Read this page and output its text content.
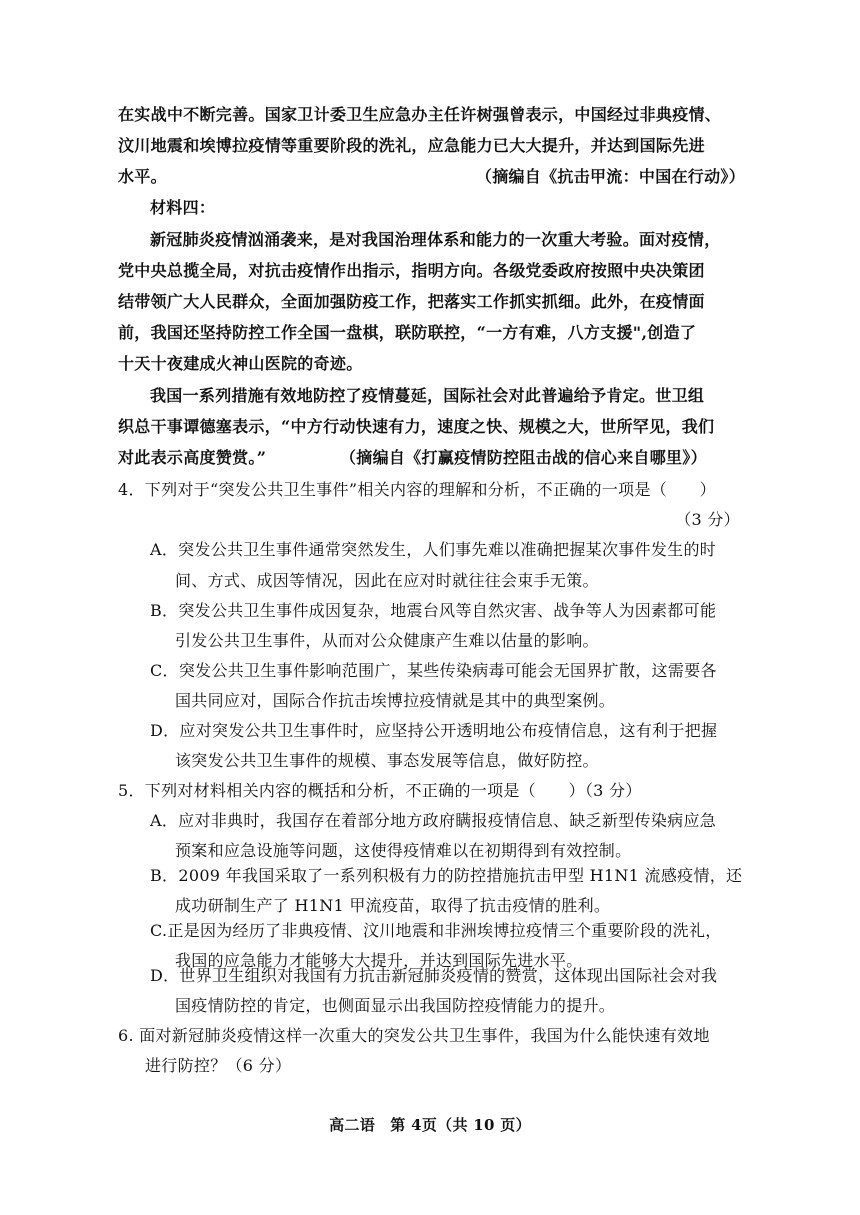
在实战中不断完善。国家卫计委卫生应急办主任许树强曾表示，中国经过非典疫情、
汶川地震和埃博拉疫情等重要阶段的洗礼，应急能力已大大提升，并达到国际先进
水平。	（摘编自《抗击甲流：中国在行动》）
材料四：
新冠肺炎疫情汹涌袭来，是对我国治理体系和能力的一次重大考验。面对疫情，
党中央总揽全局，对抗击疫情作出指示，指明方向。各级党委政府按照中央决策团
结带领广大人民群众，全面加强防疫工作，把落实工作抓实抓细。此外，在疫情面
前，我国还坚持防控工作全国一盘棋，联防联控，“一方有难，八方支援",创造了
十天十夜建成火神山医院的奇迹。
我国一系列措施有效地防控了疫情蔓延，国际社会对此普遍给予肯定。世卫组
织总干事谭德塞表示，“中方行动快速有力，速度之快、规模之大，世所罕见，我们
对此表示高度赞赏。”	（摘编自《打赢疫情防控阻击战的信心来自哪里》）
4．下列对于“突发公共卫生事件”相关内容的理解和分析，不正确的一项是（　　）
（3 分）
A．突发公共卫生事件通常突然发生，人们事先难以准确把握某次事件发生的时
间、方式、成因等情况，因此在应对时就往往会束手无策。
B．突发公共卫生事件成因复杂，地震台风等自然灾害、战争等人为因素都可能
引发公共卫生事件，从而对公众健康产生难以估量的影响。
C．突发公共卫生事件影响范围广，某些传染病毒可能会无国界扩散，这需要各
国共同应对，国际合作抗击埃博拉疫情就是其中的典型案例。
D．应对突发公共卫生事件时，应坚持公开透明地公布疫情信息，这有利于把握
该突发公共卫生事件的规模、事态发展等信息，做好防控。
5．下列对材料相关内容的概括和分析，不正确的一项是（　　）（3 分）
A．应对非典时，我国存在着部分地方政府瞒报疫情信息、缺乏新型传染病应急
预案和应急设施等问题，这使得疫情难以在初期得到有效控制。
B．2009 年我国采取了一系列积极有力的防控措施抗击甲型 H1N1 流感疫情，还
成功研制生产了 H1N1 甲流疫苗，取得了抗击疫情的胜利。
C.正是因为经历了非典疫情、汶川地震和非洲埃博拉疫情三个重要阶段的洗礼，
我国的应急能力才能够大大提升，并达到国际先进水平。
D．世界卫生组织对我国有力抗击新冠肺炎疫情的赞赏，这体现出国际社会对我
国疫情防控的肯定，也侧面显示出我国防控疫情能力的提升。
6. 面对新冠肺炎疫情这样一次重大的突发公共卫生事件，我国为什么能快速有效地
进行防控？（6 分）
高二语　第 4页（共 10 页）
